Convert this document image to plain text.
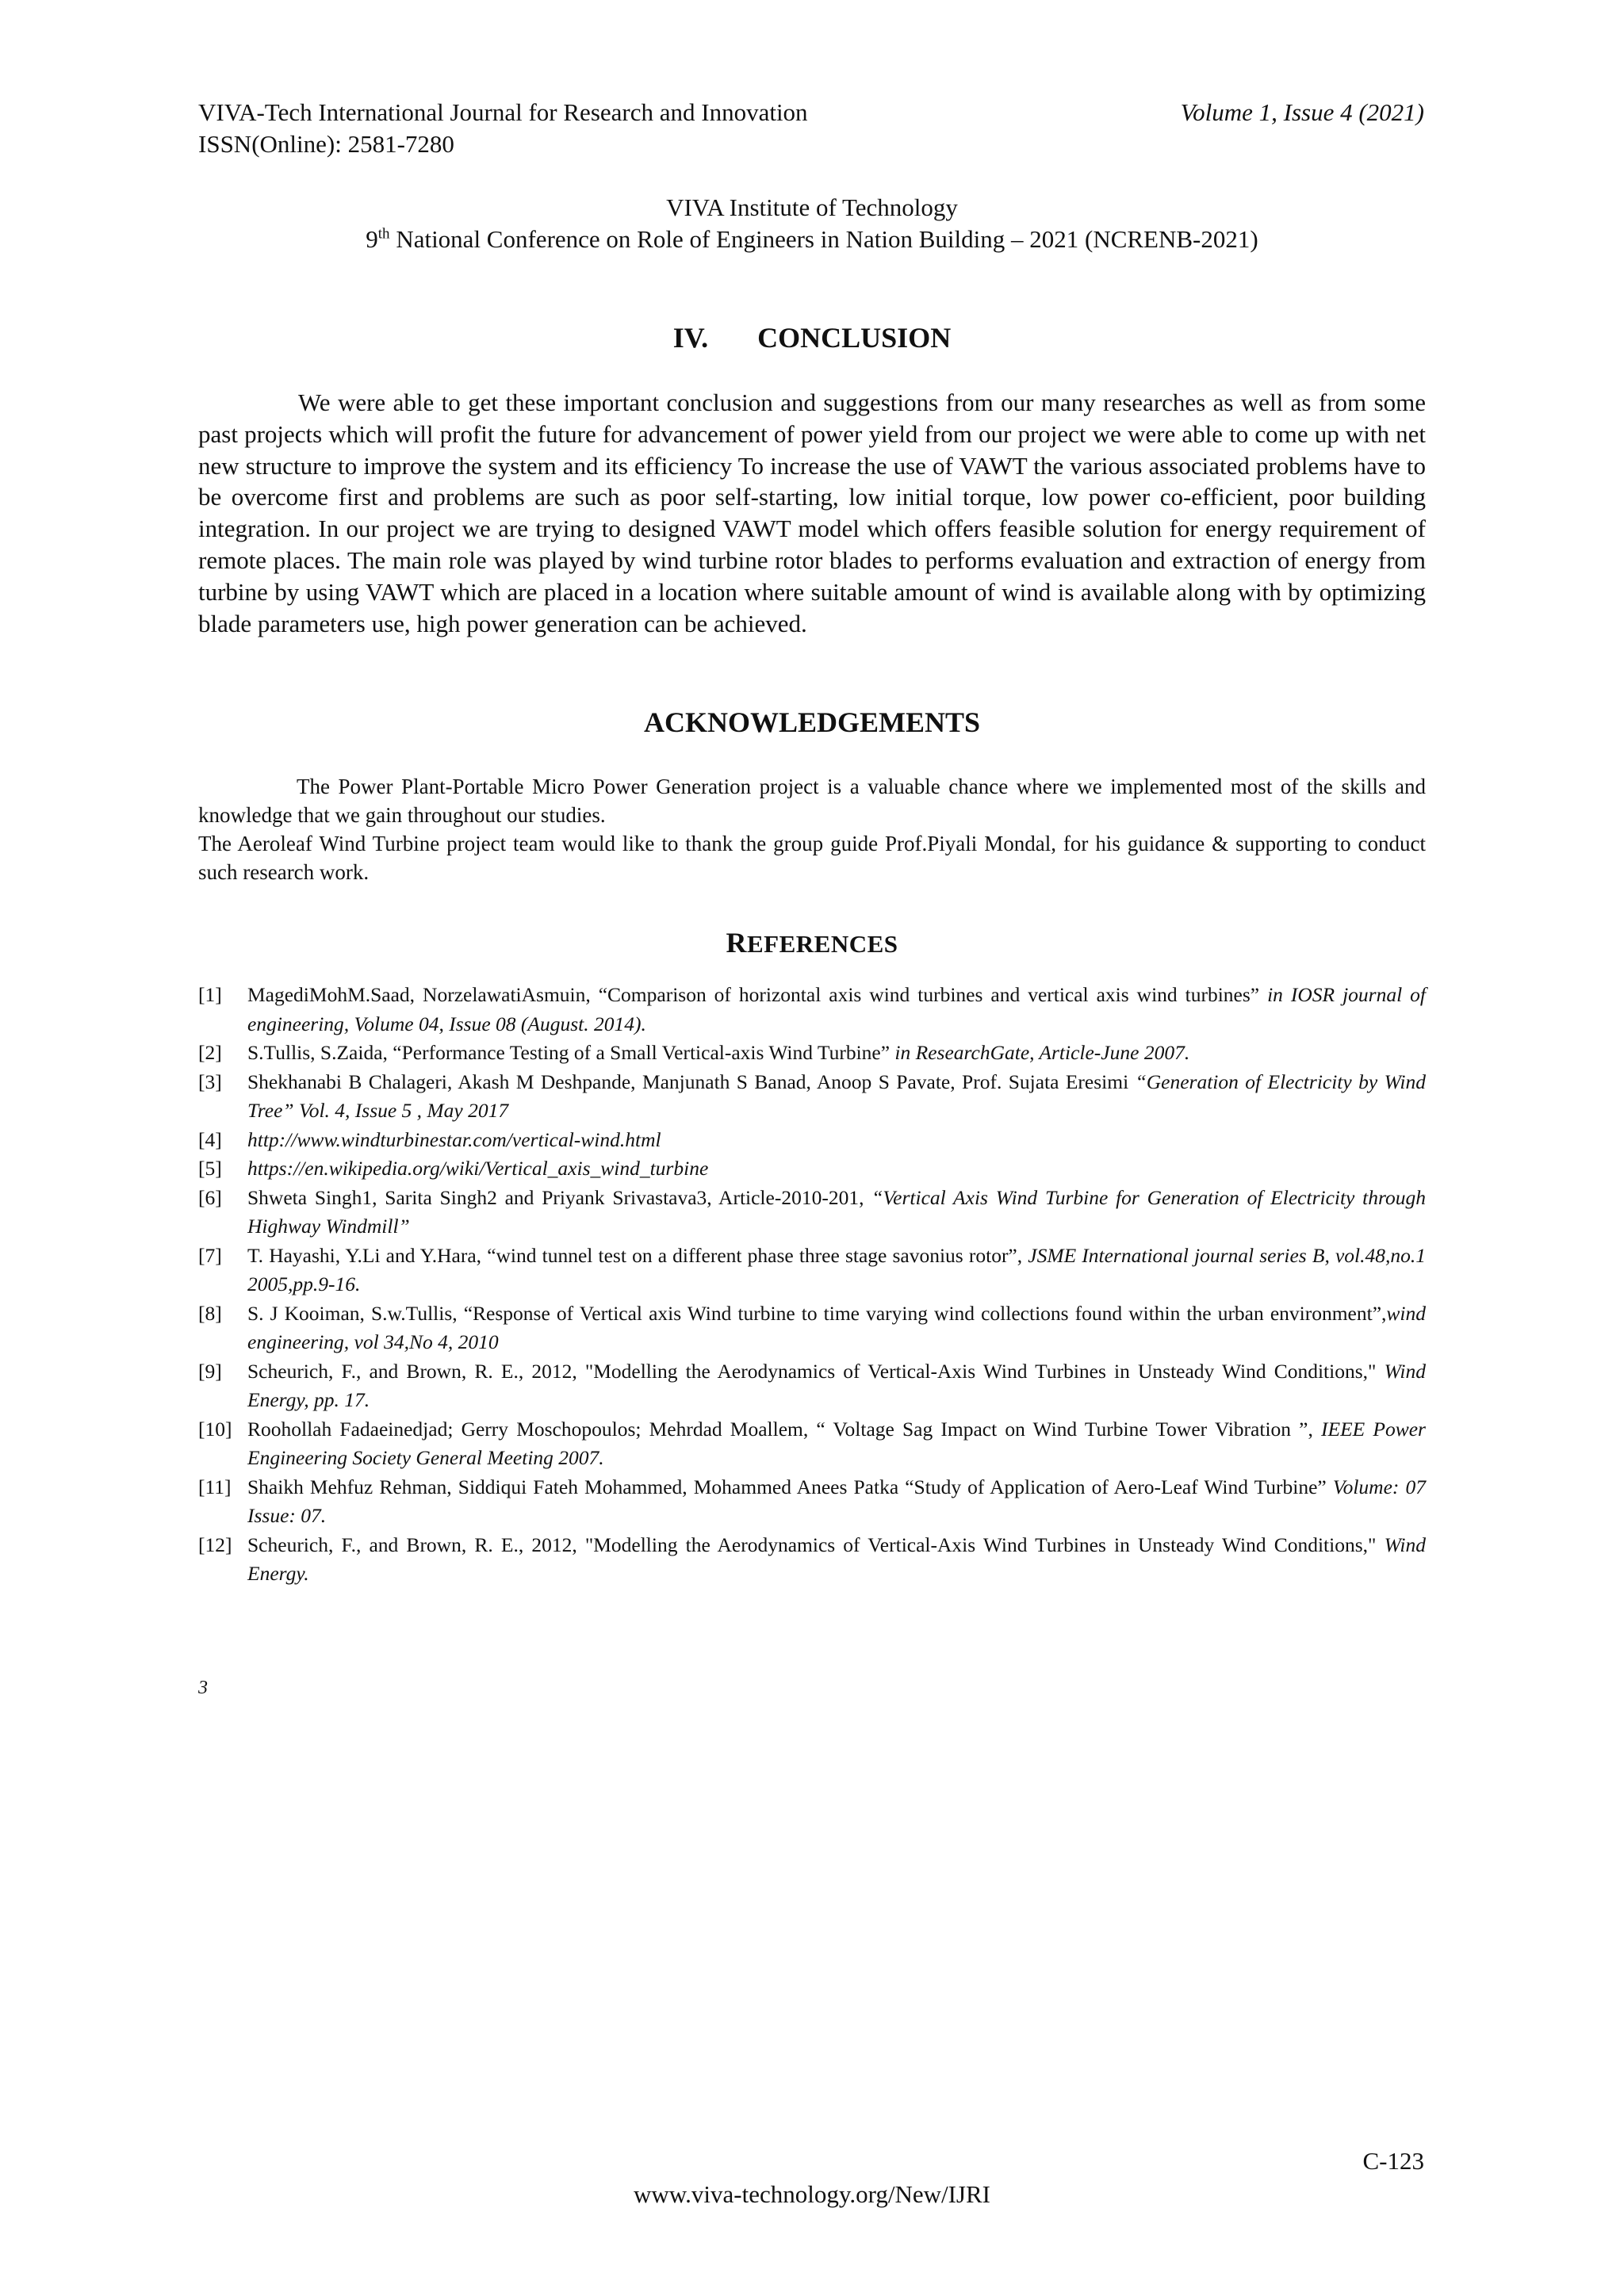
VIVA-Tech International Journal for Research and Innovation
ISSN(Online): 2581-7280
Volume 1, Issue 4 (2021)
VIVA Institute of Technology
9th National Conference on Role of Engineers in Nation Building – 2021 (NCRENB-2021)
IV. CONCLUSION
We were able to get these important conclusion and suggestions from our many researches as well as from some past projects which will profit the future for advancement of power yield from our project we were able to come up with net new structure to improve the system and its efficiency To increase the use of VAWT the various associated problems have to be overcome first and problems are such as poor self-starting, low initial torque, low power co-efficient, poor building integration. In our project we are trying to designed VAWT model which offers feasible solution for energy requirement of remote places. The main role was played by wind turbine rotor blades to performs evaluation and extraction of energy from turbine by using VAWT which are placed in a location where suitable amount of wind is available along with by optimizing blade parameters use, high power generation can be achieved.
ACKNOWLEDGEMENTS

The Power Plant-Portable Micro Power Generation project is a valuable chance where we implemented most of the skills and knowledge that we gain throughout our studies.

The Aeroleaf Wind Turbine project team would like to thank the group guide Prof.Piyali Mondal, for his guidance & supporting to conduct such research work.

REFERENCES
[1]	MagediMohM.Saad, NorzelawatiAsmuin, “Comparison of horizontal axis wind turbines and vertical axis wind turbines” in IOSR journal of engineering, Volume 04, Issue 08 (August. 2014).
[2]	S.Tullis, S.Zaida, “Performance Testing of a Small Vertical-axis Wind Turbine” in ResearchGate, Article-June 2007.
[3]	Shekhanabi B Chalageri, Akash M Deshpande, Manjunath S Banad, Anoop S Pavate, Prof. Sujata Eresimi “Generation of Electricity by Wind Tree” Vol. 4, Issue 5 , May 2017
[4]	http://www.windturbinestar.com/vertical-wind.html
[5]	https://en.wikipedia.org/wiki/Vertical_axis_wind_turbine
[6]	Shweta Singh1, Sarita Singh2 and Priyank Srivastava3, Article-2010-201, “Vertical Axis Wind Turbine for Generation of Electricity through Highway Windmill”
[7]	T. Hayashi, Y.Li and Y.Hara, “wind tunnel test on a different phase three stage savonius rotor”, JSME International journal series B, vol.48,no.1 2005,pp.9-16.
[8]	S. J Kooiman, S.w.Tullis, “Response of Vertical axis Wind turbine to time varying wind collections found within the urban environment”,wind engineering, vol 34,No 4, 2010
[9]	Scheurich, F., and Brown, R. E., 2012, "Modelling the Aerodynamics of Vertical-Axis Wind Turbines in Unsteady Wind Conditions," Wind Energy, pp. 17.
[10] Roohollah Fadaeinedjad; Gerry Moschopoulos; Mehrdad Moallem, “ Voltage Sag Impact on Wind Turbine Tower Vibration ”, IEEE Power Engineering Society General Meeting 2007.
[11] Shaikh Mehfuz Rehman, Siddiqui Fateh Mohammed, Mohammed Anees Patka “Study of Application of Aero-Leaf Wind Turbine” Volume: 07 Issue: 07.
[12] Scheurich, F., and Brown, R. E., 2012, "Modelling the Aerodynamics of Vertical-Axis Wind Turbines in Unsteady Wind Conditions," Wind Energy.
3
C-123
www.viva-technology.org/New/IJRI
